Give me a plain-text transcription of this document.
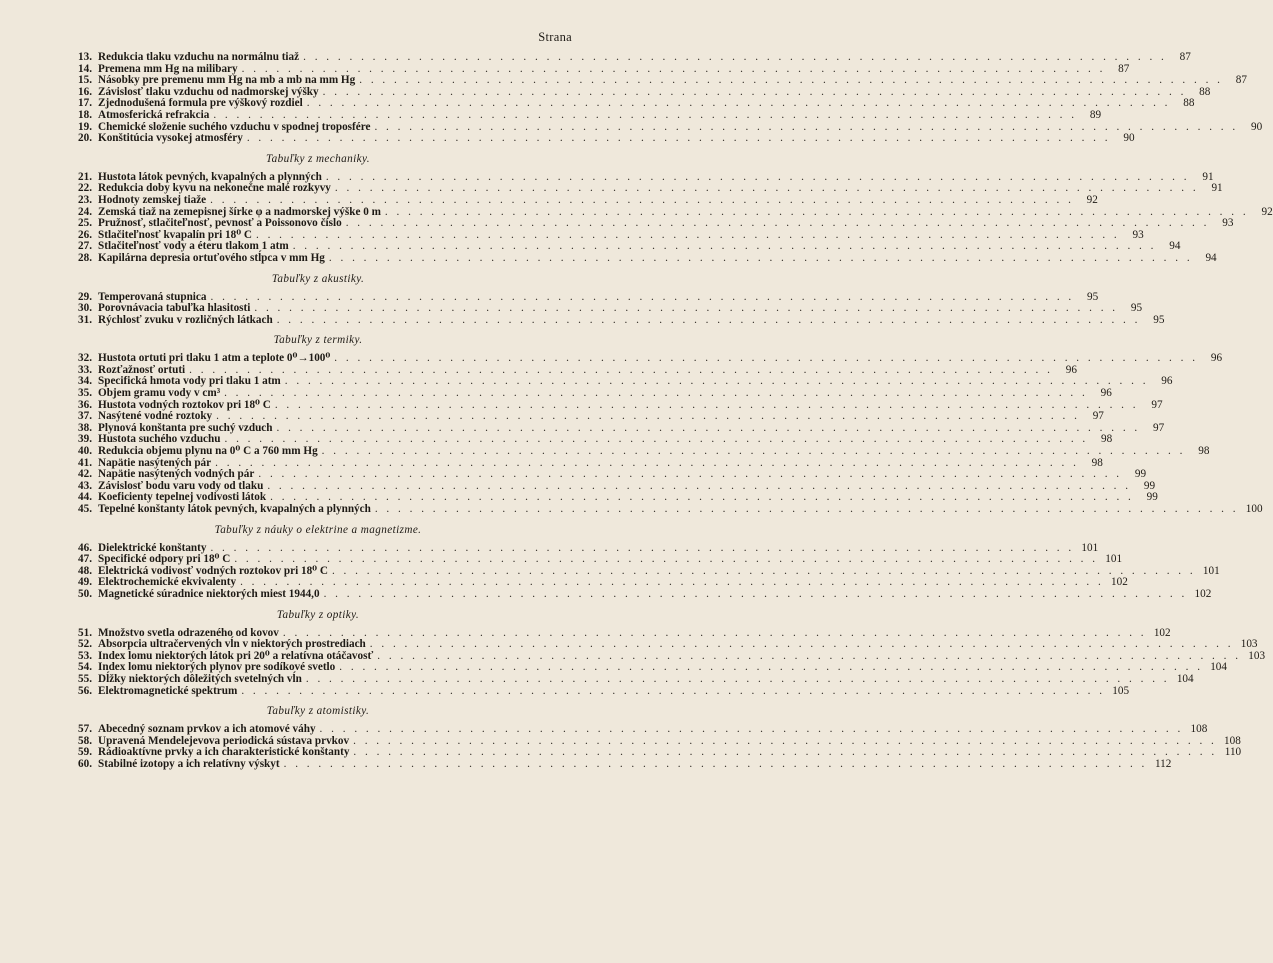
Strana
13. Redukcia tlaku vzduchu na normálnu tiaž . . .	87
14. Premena mm Hg na milibary . . .	87
15. Násobky pre premenu mm Hg na mb a mb na mm Hg . . .	87
16. Závislosť tlaku vzduchu od nadmorskej výšky . . .	88
17. Zjednodušená formula pre výškový rozdiel . . .	88
18. Atmosferická refrakcia . . .	89
19. Chemické složenie suchého vzduchu v spodnej troposfére . . .	90
20. Konštitúcia vysokej atmosféry . . .	90
Tabuľky z mechaniky.
21. Hustota látok pevných, kvapalných a plynných . . .	91
22. Redukcia doby kyvu na nekonečne malé rozkyvy . . .	91
23. Hodnoty zemskej tiaže . . .	92
24. Zemská tiaž na zemepisnej šírke φ a nadmorskej výške 0 m . . .	92
25. Pružnosť, stlačiteľnosť, pevnosť a Poissonovo číslo . . .	93
26. Stlačiteľnosť kvapalín pri 18⁰ C . . .	93
27. Stlačiteľnosť vody a éteru tlakom 1 atm . . .	94
28. Kapilárna depresia ortuťového stĺpca v mm Hg . . .	94
Tabuľky z akustiky.
29. Temperovaná stupnica . . .	95
30. Porovnávacia tabuľka hlasitosti . . .	95
31. Rýchlosť zvuku v rozličných látkach . . .	95
Tabuľky z termiky.
32. Hustota ortuti pri tlaku 1 atm a teplote 0⁰→100⁰ . . .	96
33. Rozťažnosť ortuti . . .	96
34. Specifická hmota vody pri tlaku 1 atm . . .	96
35. Objem gramu vody v cm³ . . .	96
36. Hustota vodných roztokov pri 18⁰ C . . .	97
37. Nasýtené vodné roztoky . . .	97
38. Plynová konštanta pre suchý vzduch . . .	97
39. Hustota suchého vzduchu . . .	98
40. Redukcia objemu plynu na 0⁰ C a 760 mm Hg . . .	98
41. Napätie nasýtených pár . . .	98
42. Napätie nasýtených vodných pár . . .	99
43. Závislosť bodu varu vody od tlaku . . .	99
44. Koeficienty tepelnej vodivosti látok . . .	99
45. Tepelné konštanty látok pevných, kvapalných a plynných . . .	100
Tabuľky z náuky o elektrine a magnetizme.
46. Dielektrické konštanty . . .	101
47. Specifické odpory pri 18⁰ C . . .	101
48. Elektrická vodivosť vodných roztokov pri 18⁰ C . . .	101
49. Elektrochemické ekvivalenty . . .	102
50. Magnetické súradnice niektorých miest 1944,0 . . .	102
Tabuľky z optiky.
51. Množstvo svetla odrazeného od kovov . . .	102
52. Absorpcia ultračervených vĺn v niektorých prostrediach . . .	103
53. Index lomu niektorých látok pri 20⁰ a relatívna otáčavosť . . .	103
54. Index lomu niektorých plynov pre sodíkové svetlo . . .	104
55. Dĺžky niektorých dôležitých svetelných vĺn . . .	104
56. Elektromagnetické spektrum . . .	105
Tabuľky z atomistiky.
57. Abecedný soznam prvkov a ich atomové váhy . . .	108
58. Upravená Mendelejevova periodická sústava prvkov . . .	108
59. Rádioaktívne prvky a ich charakteristické konštanty . . .	110
60. Stabilné izotopy a ich relatívny výskyt . . .	112
